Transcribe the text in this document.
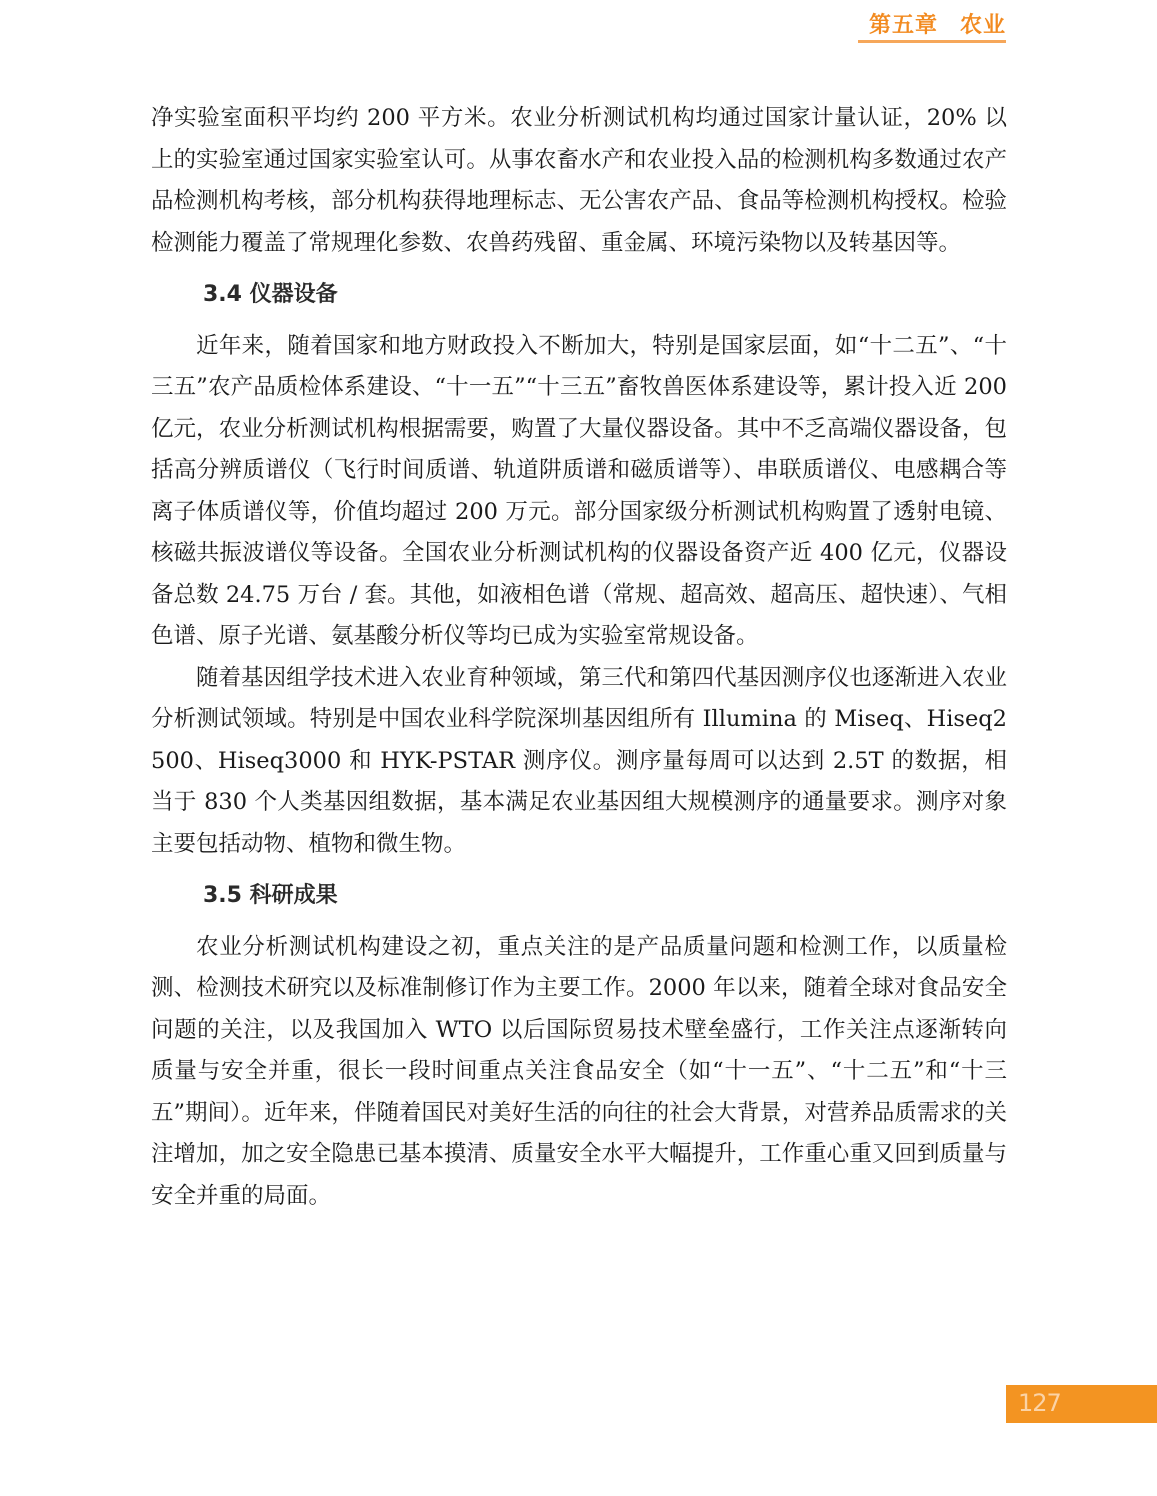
第五章 农业

净实验室面积平均约 200 平方米。农业分析测试机构均通过国家计量认证，20% 以上的实验室通过国家实验室认可。从事农畜水产和农业投入品的检测机构多数通过农产品检测机构考核，部分机构获得地理标志、无公害农产品、食品等检测机构授权。检验检测能力覆盖了常规理化参数、农兽药残留、重金属、环境污染物以及转基因等。

3.4 仪器设备

近年来，随着国家和地方财政投入不断加大，特别是国家层面，如“十二五”、“十三五”农产品质检体系建设、“十一五”“十三五”畜牧兽医体系建设等，累计投入近 200 亿元，农业分析测试机构根据需要，购置了大量仪器设备。其中不乏高端仪器设备，包括高分辨质谱仪（飞行时间质谱、轨道阱质谱和磁质谱等）、串联质谱仪、电感耦合等离子体质谱仪等，价值均超过 200 万元。部分国家级分析测试机构购置了透射电镜、核磁共振波谱仪等设备。全国农业分析测试机构的仪器设备资产近 400 亿元，仪器设备总数 24.75 万台 / 套。其他，如液相色谱（常规、超高效、超高压、超快速）、气相色谱、原子光谱、氨基酸分析仪等均已成为实验室常规设备。

随着基因组学技术进入农业育种领域，第三代和第四代基因测序仪也逐渐进入农业分析测试领域。特别是中国农业科学院深圳基因组所有 Illumina 的 Miseq、Hiseq2500、Hiseq3000 和 HYK-PSTAR 测序仪。测序量每周可以达到 2.5T 的数据，相当于 830 个人类基因组数据，基本满足农业基因组大规模测序的通量要求。测序对象主要包括动物、植物和微生物。

3.5 科研成果

农业分析测试机构建设之初，重点关注的是产品质量问题和检测工作，以质量检测、检测技术研究以及标准制修订作为主要工作。2000 年以来，随着全球对食品安全问题的关注，以及我国加入 WTO 以后国际贸易技术壁垒盛行，工作关注点逐渐转向质量与安全并重，很长一段时间重点关注食品安全（如“十一五”、“十二五”和“十三五”期间）。近年来，伴随着国民对美好生活的向往的社会大背景，对营养品质需求的关注增加，加之安全隐患已基本摸清、质量安全水平大幅提升，工作重心重又回到质量与安全并重的局面。

127
